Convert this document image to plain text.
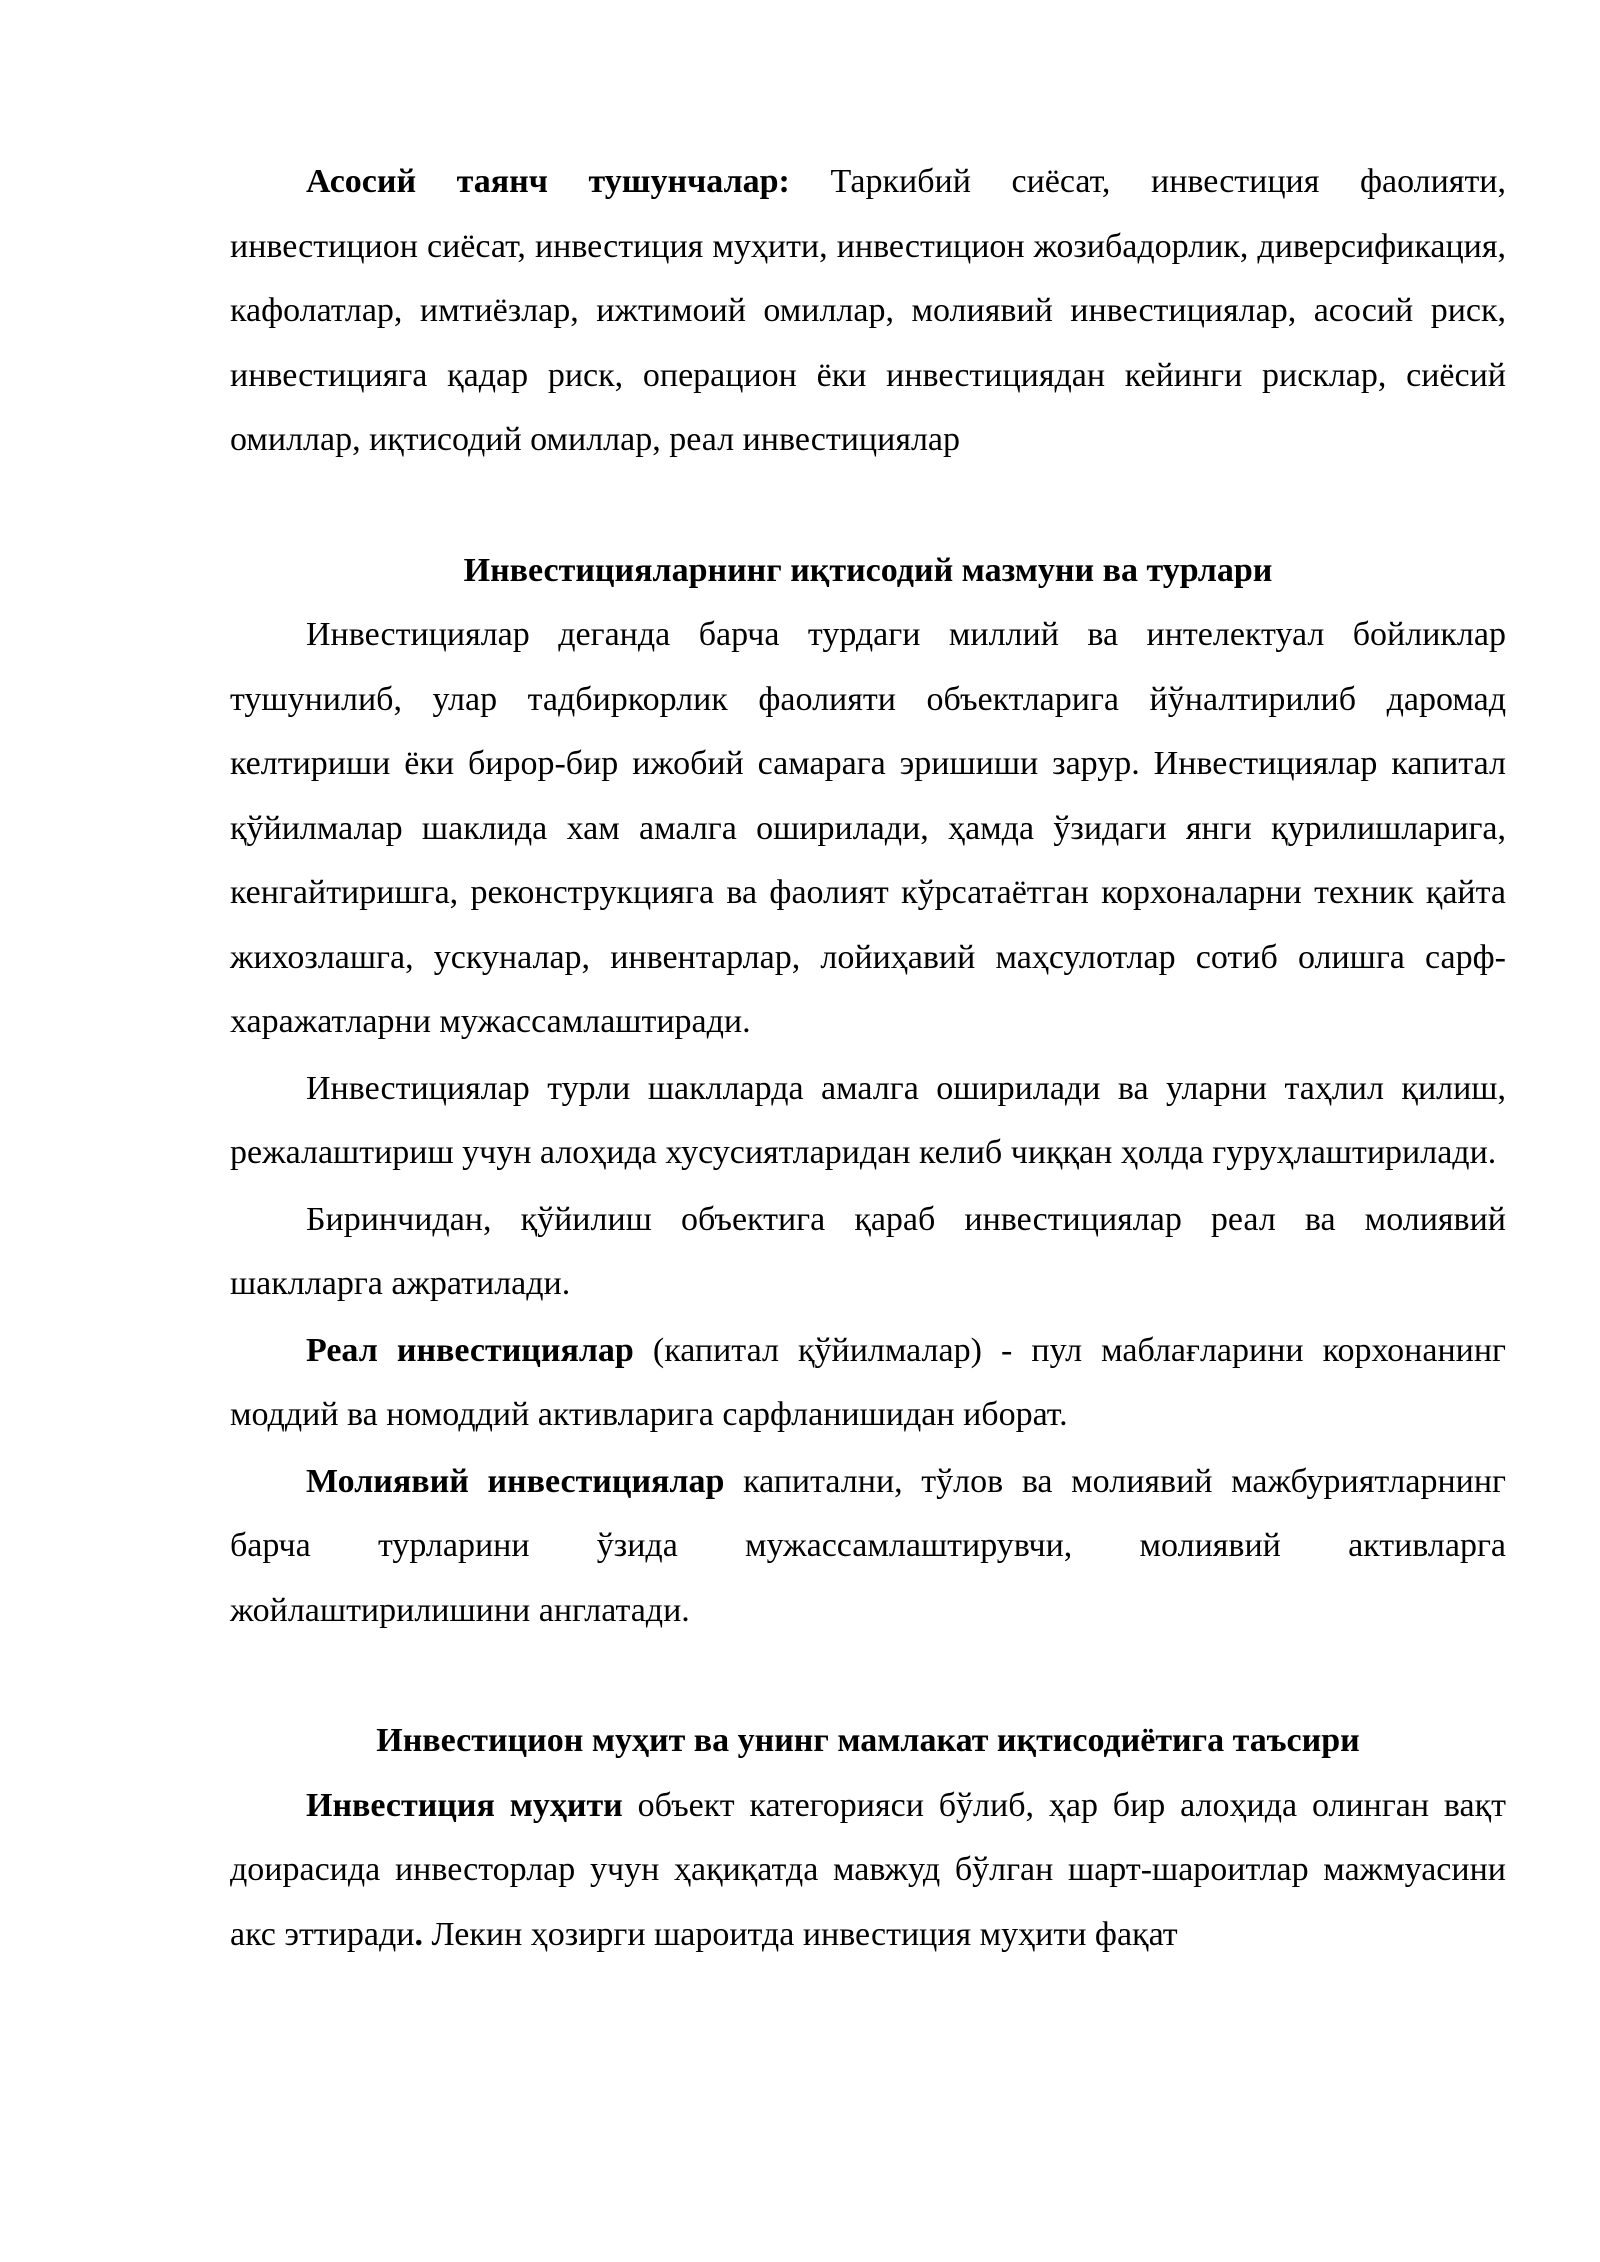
Асосий таянч тушунчалар: Таркибий сиёсат, инвестиция фаолияти, инвестицион сиёсат, инвестиция муҳити, инвестицион жозибадорлик, диверсификация, кафолатлар, имтиёзлар, ижтимоий омиллар, молиявий инвестициялар, асосий риск, инвестицияга қадар риск, операцион ёки инвестициядан кейинги рисклар, сиёсий омиллар, иқтисодий омиллар, реал инвестициялар

Инвестицияларнинг иқтисодий мазмуни ва турлари

Инвестициялар деганда барча турдаги миллий ва интелектуал бойликлар тушунилиб, улар тадбиркорлик фаолияти объектларига йўналтирилиб даромад келтириши ёки бирор-бир ижобий самарага эришиши зарур. Инвестициялар капитал қўйилмалар шаклида хам амалга оширилади, ҳамда ўзидаги янги қурилишларига, кенгайтиришга, реконструкцияга ва фаолият кўрсатаётган корхоналарни техник қайта жихозлашга, ускуналар, инвентарлар, лойиҳавий маҳсулотлар сотиб олишга сарф-харажатларни мужассамлаштиради.

Инвестициялар турли шаклларда амалга оширилади ва уларни таҳлил қилиш, режалаштириш учун алоҳида хусусиятларидан келиб чиққан ҳолда гуруҳлаштирилади.

Биринчидан, қўйилиш объектига қараб инвестициялар реал ва молиявий шаклларга ажратилади.

Реал инвестициялар (капитал қўйилмалар) - пул маблағларини корхонанинг моддий ва номоддий активларига сарфланишидан иборат.

Молиявий инвестициялар капитални, тўлов ва молиявий мажбуриятларнинг барча турларини ўзида мужассамлаштирувчи, молиявий активларга жойлаштирилишини англатади.

Инвестицион муҳит ва унинг мамлакат иқтисодиётига таъсири

Инвестиция муҳити объект категорияси бўлиб, ҳар бир алоҳида олинган вақт доирасида инвесторлар учун ҳақиқатда мавжуд бўлган шарт-шароитлар мажмуасини акс эттиради. Лекин ҳозирги шароитда инвестиция муҳити фақат
